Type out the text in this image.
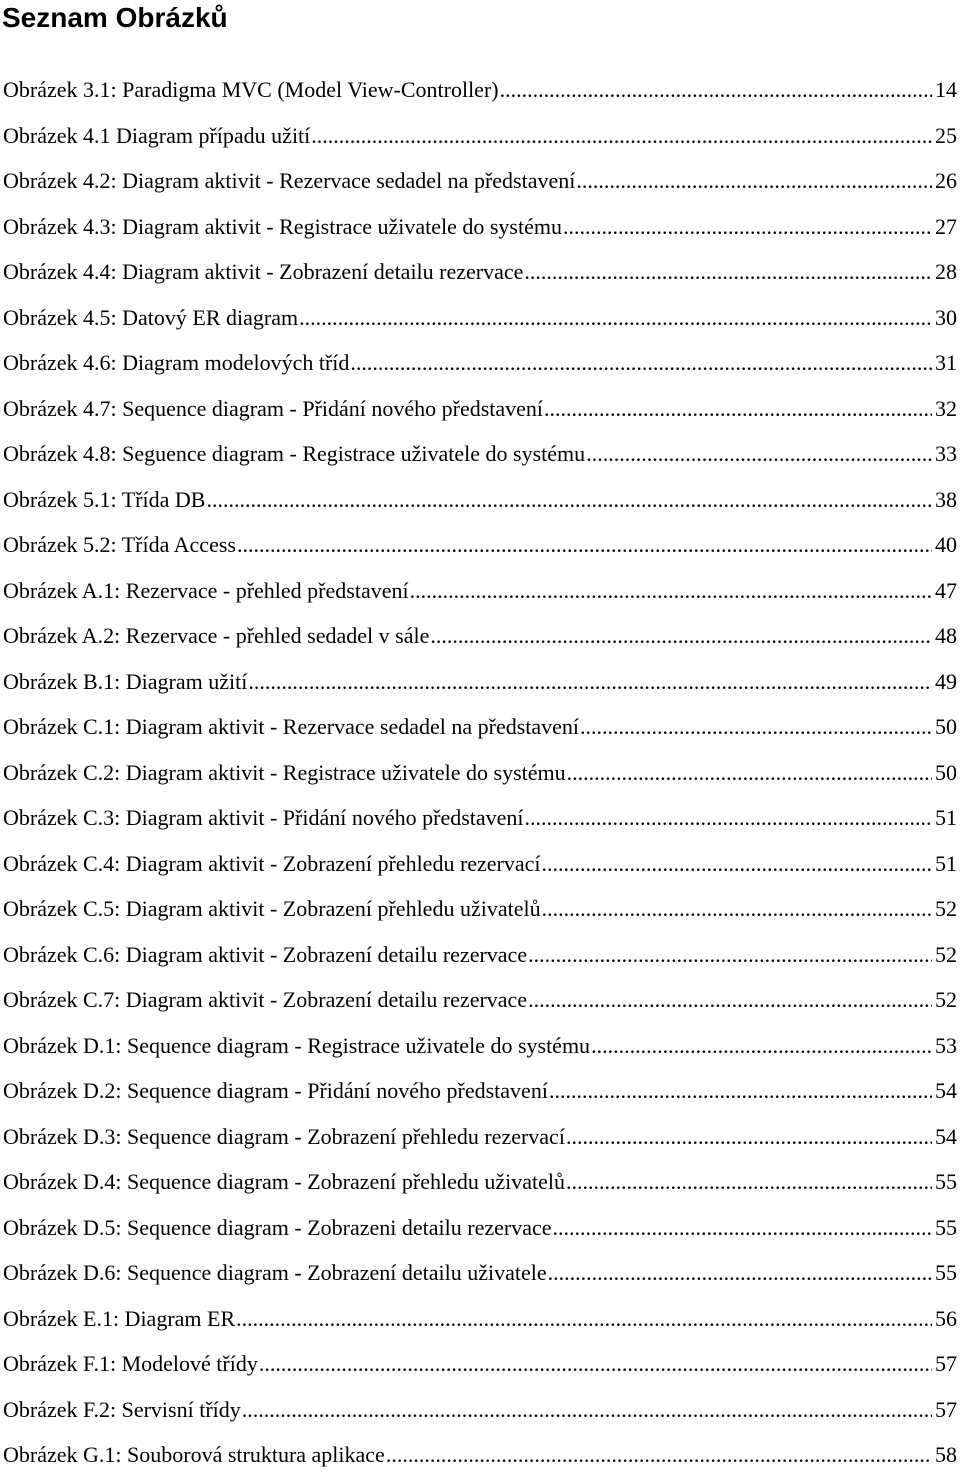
Seznam Obrázků
Obrázek 3.1: Paradigma MVC (Model View-Controller) .....	14
Obrázek 4.1 Diagram případu užití .....	25
Obrázek 4.2: Diagram aktivit - Rezervace sedadel na představení .....	26
Obrázek 4.3: Diagram aktivit - Registrace uživatele do systému .....	27
Obrázek 4.4: Diagram aktivit - Zobrazení detailu rezervace .....	28
Obrázek 4.5: Datový ER diagram .....	30
Obrázek 4.6: Diagram modelových tříd .....	31
Obrázek 4.7: Sequence diagram - Přidání nového představení .....	32
Obrázek 4.8: Seguence diagram - Registrace uživatele do systému .....	33
Obrázek 5.1: Třída DB .....	38
Obrázek 5.2: Třída Access .....	40
Obrázek A.1: Rezervace - přehled představení .....	47
Obrázek A.2: Rezervace - přehled sedadel v sále .....	48
Obrázek B.1: Diagram užití .....	49
Obrázek C.1: Diagram aktivit - Rezervace sedadel na představení .....	50
Obrázek C.2: Diagram aktivit - Registrace uživatele do systému .....	50
Obrázek C.3: Diagram aktivit - Přidání nového představení .....	51
Obrázek C.4: Diagram aktivit - Zobrazení přehledu rezervací .....	51
Obrázek C.5: Diagram aktivit - Zobrazení přehledu uživatelů .....	52
Obrázek C.6: Diagram aktivit - Zobrazení detailu rezervace .....	52
Obrázek C.7: Diagram aktivit - Zobrazení detailu rezervace .....	52
Obrázek D.1: Sequence diagram - Registrace uživatele do systému .....	53
Obrázek D.2: Sequence diagram - Přidání nového představení .....	54
Obrázek D.3: Sequence diagram - Zobrazení přehledu rezervací .....	54
Obrázek D.4: Sequence diagram - Zobrazení přehledu uživatelů .....	55
Obrázek D.5: Sequence diagram - Zobrazeni detailu rezervace .....	55
Obrázek D.6: Sequence diagram - Zobrazení detailu uživatele .....	55
Obrázek E.1: Diagram ER .....	56
Obrázek F.1: Modelové třídy .....	57
Obrázek F.2: Servisní třídy .....	57
Obrázek G.1: Souborová struktura aplikace .....	58
